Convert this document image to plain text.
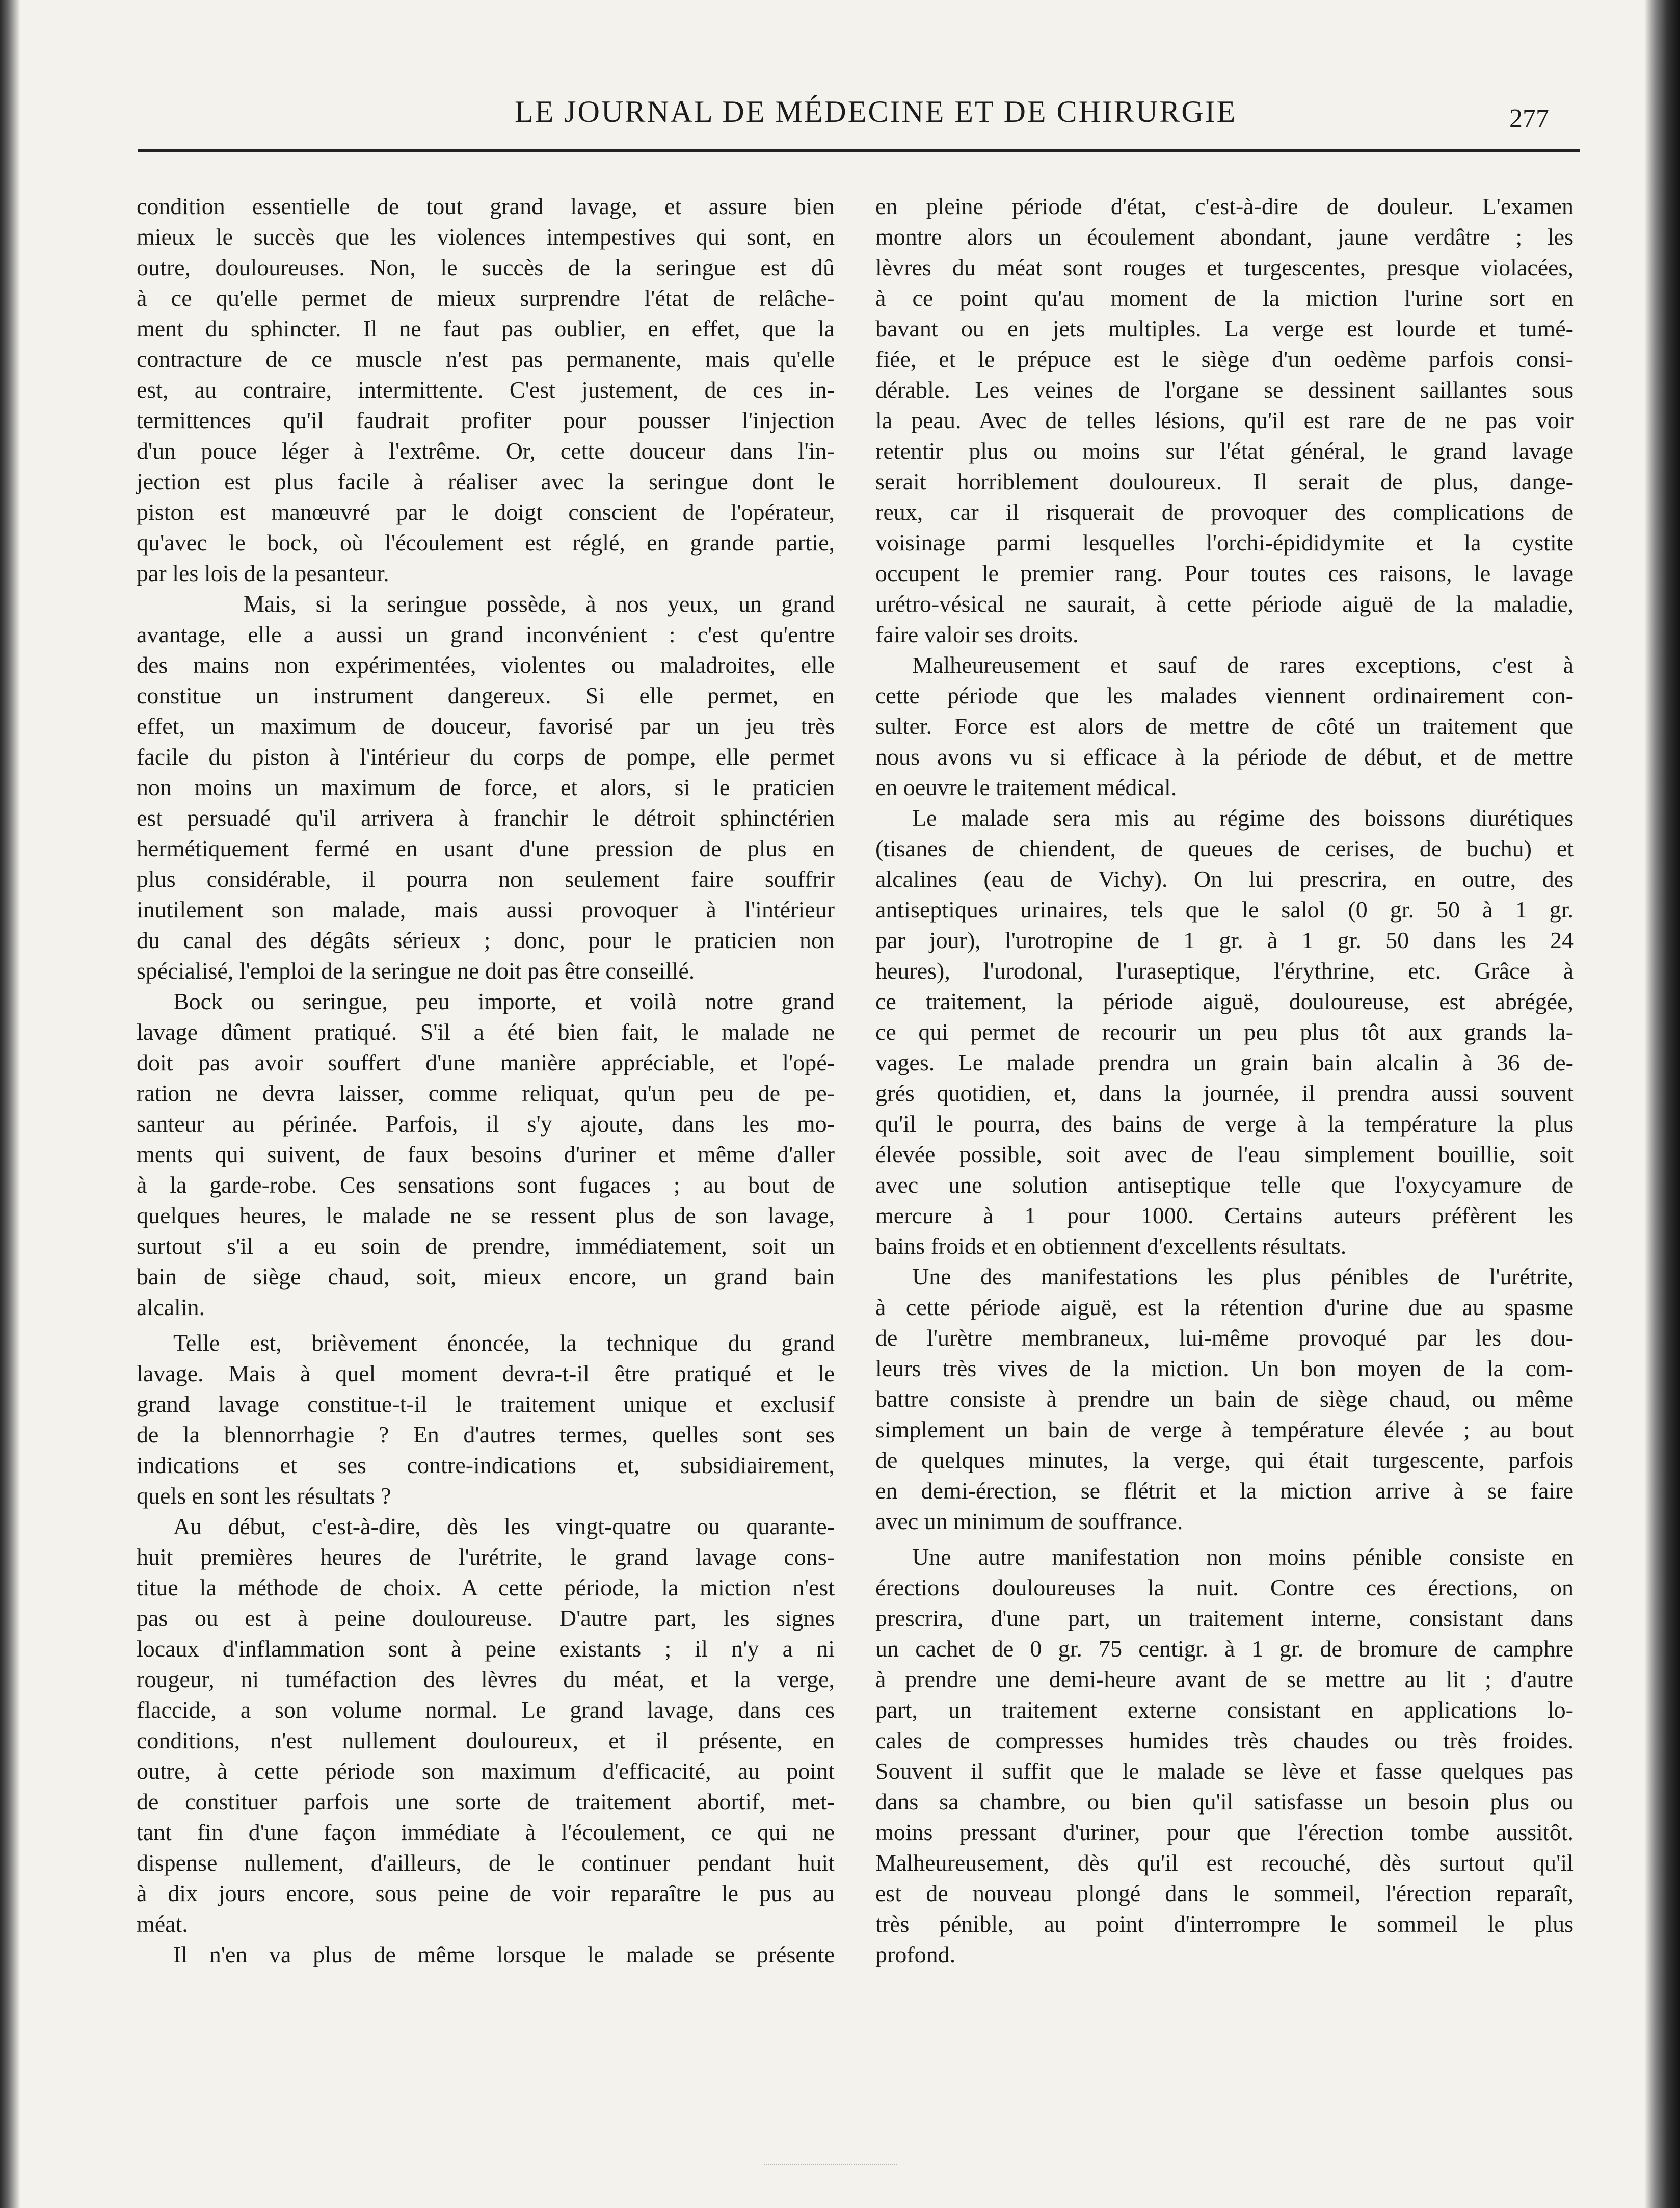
LE JOURNAL DE MÉDECINE ET DE CHIRURGIE	277
condition essentielle de tout grand lavage, et assure bien
mieux le succès que les violences intempestives qui sont, en
outre, douloureuses. Non, le succès de la seringue est dû
à ce qu'elle permet de mieux surprendre l'état de relâche-
ment du sphincter. Il ne faut pas oublier, en effet, que la
contracture de ce muscle n'est pas permanente, mais qu'elle
est, au contraire, intermittente. C'est justement, de ces in-
termittences qu'il faudrait profiter pour pousser l'injection
d'un pouce léger à l'extrême. Or, cette douceur dans l'in-
jection est plus facile à réaliser avec la seringue dont le
piston est manœuvré par le doigt conscient de l'opérateur,
qu'avec le bock, où l'écoulement est réglé, en grande partie,
par les lois de la pesanteur.
Mais, si la seringue possède, à nos yeux, un grand
avantage, elle a aussi un grand inconvénient : c'est qu'entre
des mains non expérimentées, violentes ou maladroites, elle
constitue un instrument dangereux. Si elle permet, en
effet, un maximum de douceur, favorisé par un jeu très
facile du piston à l'intérieur du corps de pompe, elle permet
non moins un maximum de force, et alors, si le praticien
est persuadé qu'il arrivera à franchir le détroit sphinctérien
hermétiquement fermé en usant d'une pression de plus en
plus considérable, il pourra non seulement faire souffrir
inutilement son malade, mais aussi provoquer à l'intérieur
du canal des dégâts sérieux ; donc, pour le praticien non
spécialisé, l'emploi de la seringue ne doit pas être conseillé.
Bock ou seringue, peu importe, et voilà notre grand
lavage dûment pratiqué. S'il a été bien fait, le malade ne
doit pas avoir souffert d'une manière appréciable, et l'opé-
ration ne devra laisser, comme reliquat, qu'un peu de pe-
santeur au périnée. Parfois, il s'y ajoute, dans les mo-
ments qui suivent, de faux besoins d'uriner et même d'aller
à la garde-robe. Ces sensations sont fugaces ; au bout de
quelques heures, le malade ne se ressent plus de son lavage,
surtout s'il a eu soin de prendre, immédiatement, soit un
bain de siège chaud, soit, mieux encore, un grand bain
alcalin.
Telle est, brièvement énoncée, la technique du grand
lavage. Mais à quel moment devra-t-il être pratiqué et le
grand lavage constitue-t-il le traitement unique et exclusif
de la blennorrhagie ? En d'autres termes, quelles sont ses
indications et ses contre-indications et, subsidiairement,
quels en sont les résultats ?
Au début, c'est-à-dire, dès les vingt-quatre ou quarante-
huit premières heures de l'urétrite, le grand lavage cons-
titue la méthode de choix. A cette période, la miction n'est
pas ou est à peine douloureuse. D'autre part, les signes
locaux d'inflammation sont à peine existants ; il n'y a ni
rougeur, ni tuméfaction des lèvres du méat, et la verge,
flaccide, a son volume normal. Le grand lavage, dans ces
conditions, n'est nullement douloureux, et il présente, en
outre, à cette période son maximum d'efficacité, au point
de constituer parfois une sorte de traitement abortif, met-
tant fin d'une façon immédiate à l'écoulement, ce qui ne
dispense nullement, d'ailleurs, de le continuer pendant huit
à dix jours encore, sous peine de voir reparaître le pus au
méat.
Il n'en va plus de même lorsque le malade se présente
en pleine période d'état, c'est-à-dire de douleur. L'examen
montre alors un écoulement abondant, jaune verdâtre ; les
lèvres du méat sont rouges et turgescentes, presque violacées,
à ce point qu'au moment de la miction l'urine sort en
bavant ou en jets multiples. La verge est lourde et tumé-
fiée, et le prépuce est le siège d'un oedème parfois consi-
dérable. Les veines de l'organe se dessinent saillantes sous
la peau. Avec de telles lésions, qu'il est rare de ne pas voir
retentir plus ou moins sur l'état général, le grand lavage
serait horriblement douloureux. Il serait de plus, dange-
reux, car il risquerait de provoquer des complications de
voisinage parmi lesquelles l'orchi-épididymite et la cystite
occupent le premier rang. Pour toutes ces raisons, le lavage
urétro-vésical ne saurait, à cette période aiguë de la maladie,
faire valoir ses droits.
Malheureusement et sauf de rares exceptions, c'est à
cette période que les malades viennent ordinairement con-
sulter. Force est alors de mettre de côté un traitement que
nous avons vu si efficace à la période de début, et de mettre
en oeuvre le traitement médical.
Le malade sera mis au régime des boissons diurétiques
(tisanes de chiendent, de queues de cerises, de buchu) et
alcalines (eau de Vichy). On lui prescrira, en outre, des
antiseptiques urinaires, tels que le salol (0 gr. 50 à 1 gr.
par jour), l'urotropine de 1 gr. à 1 gr. 50 dans les 24
heures), l'urodonal, l'uraseptique, l'érythrine, etc. Grâce à
ce traitement, la période aiguë, douloureuse, est abrégée,
ce qui permet de recourir un peu plus tôt aux grands la-
vages. Le malade prendra un grain bain alcalin à 36 de-
grés quotidien, et, dans la journée, il prendra aussi souvent
qu'il le pourra, des bains de verge à la température la plus
élevée possible, soit avec de l'eau simplement bouillie, soit
avec une solution antiseptique telle que l'oxycyamure de
mercure à 1 pour 1000. Certains auteurs préfèrent les
bains froids et en obtiennent d'excellents résultats.
Une des manifestations les plus pénibles de l'urétrite,
à cette période aiguë, est la rétention d'urine due au spasme
de l'urètre membraneux, lui-même provoqué par les dou-
leurs très vives de la miction. Un bon moyen de la com-
battre consiste à prendre un bain de siège chaud, ou même
simplement un bain de verge à température élevée ; au bout
de quelques minutes, la verge, qui était turgescente, parfois
en demi-érection, se flétrit et la miction arrive à se faire
avec un minimum de souffrance.
Une autre manifestation non moins pénible consiste en
érections douloureuses la nuit. Contre ces érections, on
prescrira, d'une part, un traitement interne, consistant dans
un cachet de 0 gr. 75 centigr. à 1 gr. de bromure de camphre
à prendre une demi-heure avant de se mettre au lit ; d'autre
part, un traitement externe consistant en applications lo-
cales de compresses humides très chaudes ou très froides.
Souvent il suffit que le malade se lève et fasse quelques pas
dans sa chambre, ou bien qu'il satisfasse un besoin plus ou
moins pressant d'uriner, pour que l'érection tombe aussitôt.
Malheureusement, dès qu'il est recouché, dès surtout qu'il
est de nouveau plongé dans le sommeil, l'érection reparaît,
très pénible, au point d'interrompre le sommeil le plus
profond.
